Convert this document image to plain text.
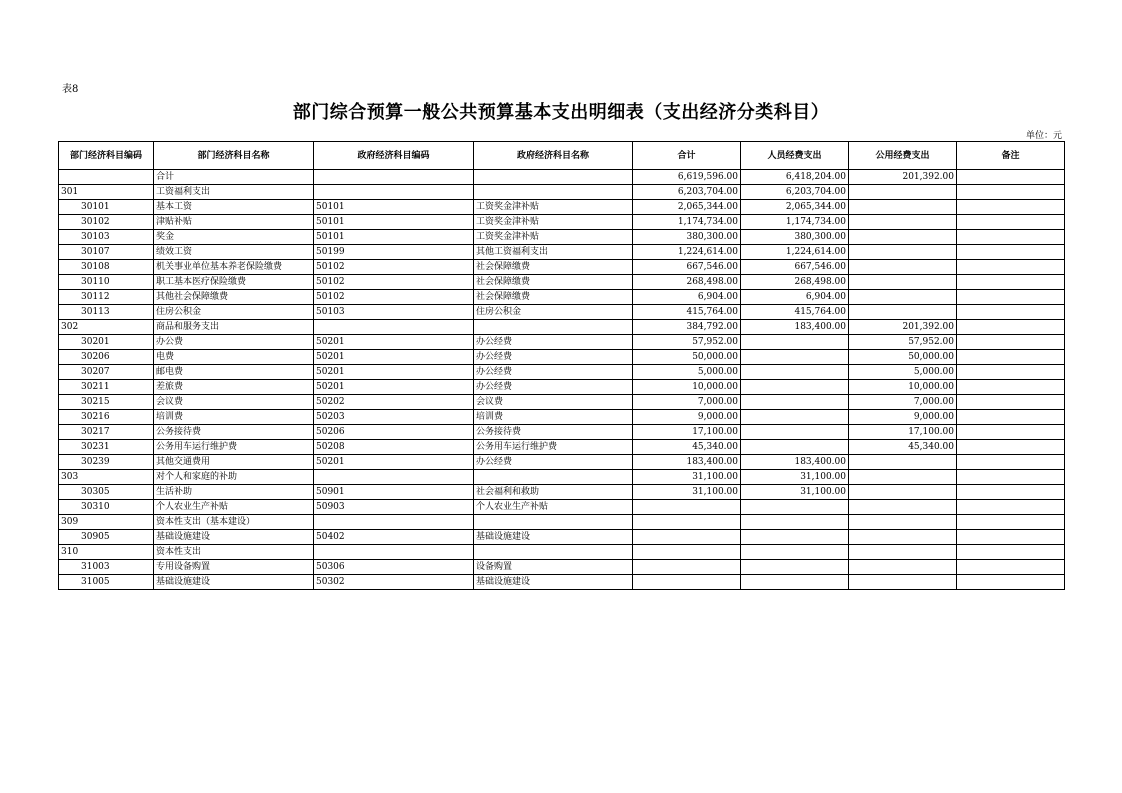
表8
部门综合预算一般公共预算基本支出明细表（支出经济分类科目）
单位：元
部门经济科目编码	部门经济科目名称	政府经济科目编码	政府经济科目名称	合计	人员经费支出	公用经费支出	备注
	合计			6,619,596.00	6,418,204.00	201,392.00	
301	工资福利支出			6,203,704.00	6,203,704.00		
30101	基本工资	50101	工资奖金津补贴	2,065,344.00	2,065,344.00		
30102	津贴补贴	50101	工资奖金津补贴	1,174,734.00	1,174,734.00		
30103	奖金	50101	工资奖金津补贴	380,300.00	380,300.00		
30107	绩效工资	50199	其他工资福利支出	1,224,614.00	1,224,614.00		
30108	机关事业单位基本养老保险缴费	50102	社会保障缴费	667,546.00	667,546.00		
30110	职工基本医疗保险缴费	50102	社会保障缴费	268,498.00	268,498.00		
30112	其他社会保障缴费	50102	社会保障缴费	6,904.00	6,904.00		
30113	住房公积金	50103	住房公积金	415,764.00	415,764.00		
302	商品和服务支出			384,792.00	183,400.00	201,392.00	
30201	办公费	50201	办公经费	57,952.00		57,952.00	
30206	电费	50201	办公经费	50,000.00		50,000.00	
30207	邮电费	50201	办公经费	5,000.00		5,000.00	
30211	差旅费	50201	办公经费	10,000.00		10,000.00	
30215	会议费	50202	会议费	7,000.00		7,000.00	
30216	培训费	50203	培训费	9,000.00		9,000.00	
30217	公务接待费	50206	公务接待费	17,100.00		17,100.00	
30231	公务用车运行维护费	50208	公务用车运行维护费	45,340.00		45,340.00	
30239	其他交通费用	50201	办公经费	183,400.00	183,400.00		
303	对个人和家庭的补助			31,100.00	31,100.00		
30305	生活补助	50901	社会福利和救助	31,100.00	31,100.00		
30310	个人农业生产补贴	50903	个人农业生产补贴				
309	资本性支出（基本建设）						
30905	基础设施建设	50402	基础设施建设				
310	资本性支出						
31003	专用设备购置	50306	设备购置				
31005	基础设施建设	50302	基础设施建设				
